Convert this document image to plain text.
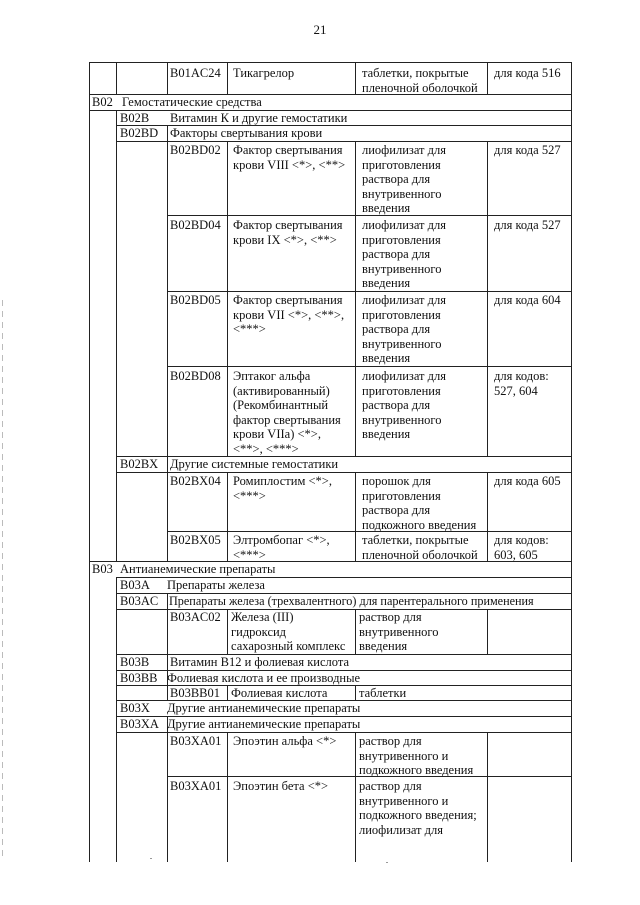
21
B01AC24 Тикагрелор	таблетки, покрытые
пленочной оболочкой
для кода 516
B02 Гемостатические средства
B02B Витамин К и другие гемостатики
B02BD Факторы свертывания крови
B02BD02 Фактор свертывания
крови VIII <*>, <**>
лиофилизат для
приготовления
раствора для
внутривенного
введения
для кода 527
B02BD04 Фактор свертывания
крови IX <*>, <**>
лиофилизат для
приготовления
раствора для
внутривенного
введения
для кода 527
B02BD05 Фактор свертывания
крови VII <*>, <**>,
<***>
лиофилизат для
приготовления
раствора для
внутривенного
введения
для кода 604
B02BD08 Эптаког альфа
(активированный)
(Рекомбинантный
фактор свертывания
крови VIIa) <*>,
<**>, <***>
лиофилизат для
приготовления
раствора для
внутривенного
введения
для кодов:
527, 604
B02BX Другие системные гемостатики
B02BX04 Ромиплостим <*>,
<***>
порошок для
приготовления
раствора для
подкожного введения
для кода 605
B02BX05 Элтромбопаг <*>,
<***>
таблетки, покрытые
пленочной оболочкой
для кодов:
603, 605
B03 Антианемические препараты
B03A Препараты железа
B03AC Препараты железа (трехвалентного) для парентерального применения
B03AC02 Железа (III)
гидроксид
сахарозный комплекс
раствор для
внутривенного
введения
B03B Витамин B12 и фолиевая кислота
B03BB Фолиевая кислота и ее производные
B03BB01 Фолиевая кислота	таблетки
B03X Другие антианемические препараты
B03XA Другие антианемические препараты
B03XA01 Эпоэтин альфа <*> раствор для
внутривенного и
подкожного введения
B03XA01 Эпоэтин бета <*> раствор для
внутривенного и
подкожного введения;
лиофилизат для
